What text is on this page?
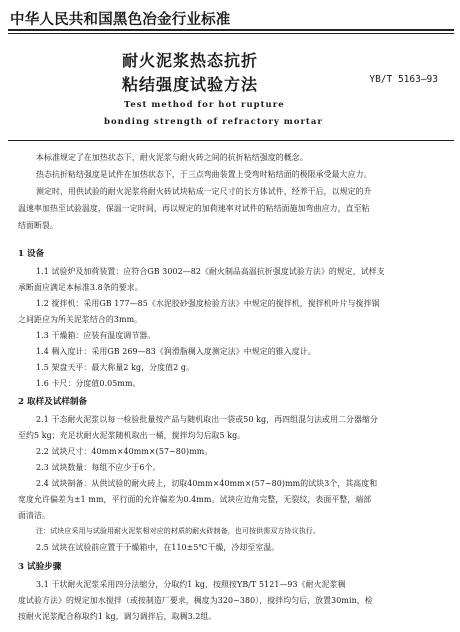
中华人民共和国黑色冶金行业标准
耐火泥浆热态抗折
粘结强度试验方法	YB/T 5163—93
Test method for hot rupture
bonding strength of refractory mortar
本标准规定了在加热状态下，耐火泥浆与耐火砖之间的抗折粘结强度的概念。
热态抗折粘结强度是试件在加热状态下，于三点弯曲装置上受弯时粘结面的极限承受最大应力。
测定时，用供试验的耐火泥浆将耐火砖试块粘成一定尺寸的长方体试件，经养干后，以规定的升
温速率加热至试验温度，保温一定时间，再以规定的加荷速率对试件的粘结面施加弯曲应力，直至粘
结面断裂。
1 设备
1.1 试验炉及加荷装置：应符合GB 3002—82《耐火制品高温抗折强度试验方法》的规定，试样支
承断面应满足本标准3.8条的要求。
1.2 搅拌机：采用GB 177—85《水泥胶砂强度检验方法》中规定的搅拌机，搅拌机叶片与搅拌锅
之间距应为所关泥浆结合的3mm。
1.3 干燥箱：应装有温度调节器。
1.4 稠入度计：采用GB 269—83《润滑脂稠入度测定法》中规定的锥入度计。
1.5 架盘天平：最大称量2 kg，分度值2 g。
1.6 卡尺：分度值0.05mm。
2 取样及试样制备
2.1 干态耐火泥浆以每一检验批量按产品与随机取出一袋或50 kg，再四组混匀法或用二分器缩分
至约5 kg；充足状耐火泥浆随机取出一桶，搅拌均匀后取5 kg。
2.2 试块尺寸：40mm×40mm×(57~80)mm。
2.3 试块数量：每组不应少于6个。
2.4 试块制备：从供试验的耐火砖上，切取40mm×40mm×(57~80)mm的试块3个，其高度和
宽度允许偏差为±1 mm，平行面的允许偏差为0.4mm。试块应边角完整，无裂纹，表面平整，端部
面清洁。
注：试块应采用与试验用耐火泥浆相对应的材质的耐火砖制备，也可按供需双方协议执行。
2.5 试块在试验前应置于干燥箱中，在110±5℃干燥，冷却至室温。
3 试验步骤
3.1 干状耐火泥浆采用四分法缩分，分取约1 kg，按照按YB/T 5121—93《耐火泥浆稠
度试验方法》的规定加水搅拌（或按制造厂要求，稠度为320~380），搅拌均匀后，放置30min，检
按耐火泥浆配合称取约1 kg，调匀调拌后，取稠3.2组。
